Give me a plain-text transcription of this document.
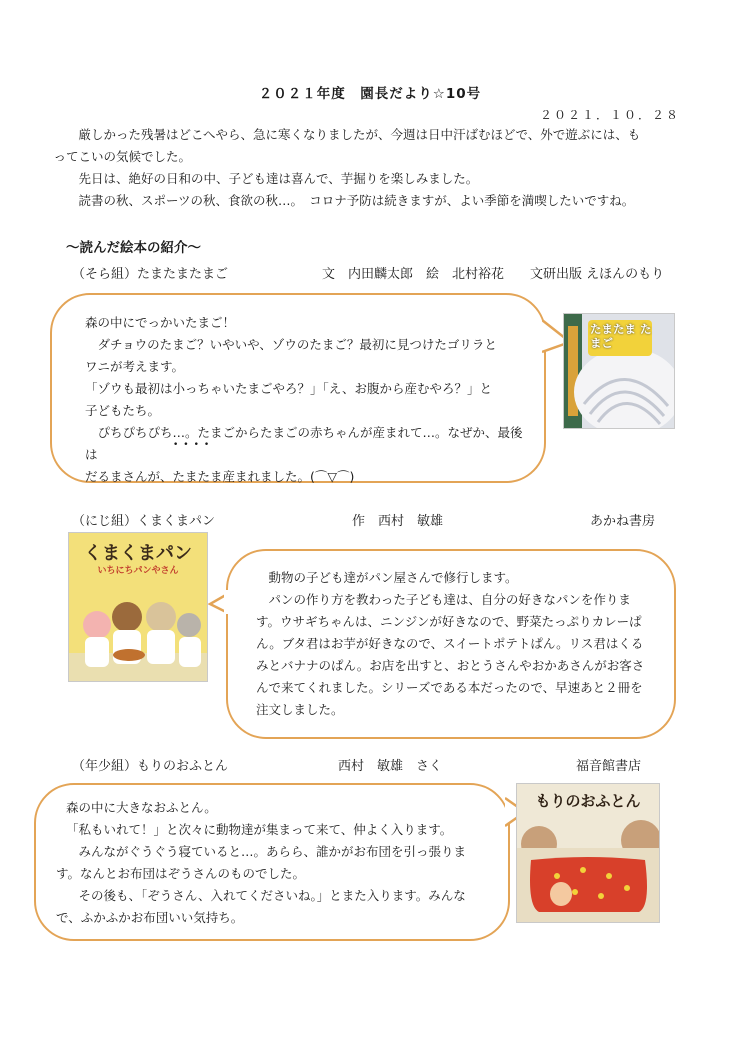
２０２１年度　園長だより☆10号
２０２１．１０．２８

厳しかった残暑はどこへやら、急に寒くなりましたが、今週は日中汗ばむほどで、外で遊ぶには、も

ってこいの気候でした。

先日は、絶好の日和の中、子ども達は喜んで、芋掘りを楽しみました。

読書の秋、スポーツの秋、食欲の秋…。　コロナ予防は続きますが、よい季節を満喫したいですね。

～読んだ絵本の紹介～
（そら組）たまたまたまご	文　内田麟太郎　絵　北村裕花 文研出版 えほんのもり

森の中にでっかいたまご！

ダチョウのたまご？いやいや、ゾウのたまご？最初に見つけたゴリラと

ワニが考えます。

「ゾウも最初は小っちゃいたまごやろ？」「え、お腹から産むやろ？」と

子どもたち。

ぴちぴちぴち…。たまごからたまごの赤ちゃんが産まれて…。なぜか、最後は

だるまさんが、たまたま産まれました。(⌒▽⌒)

••••
たまたま たまご
（にじ組）くまくまパン	作　西村　敏雄	あかね書房
くまくまパン
いちにちパンやさん	動物の子ども達がパン屋さんで修行します。

パンの作り方を教わった子ども達は、自分の好きなパンを作りま

す。ウサギちゃんは、ニンジンが好きなので、野菜たっぷりカレーぱ

ん。ブタ君はお芋が好きなので、スイートポテトぱん。リス君はくる

みとバナナのぱん。お店を出すと、おとうさんやおかあさんがお客さ

んで来てくれました。シリーズである本だったので、早速あと２冊を

注文しました。

（年少組）もりのおふとん	西村　敏雄　さく	福音館書店

森の中に大きなおふとん。

「私もいれて！」と次々に動物達が集まって来て、仲よく入ります。

みんながぐうぐう寝ていると…。あらら、誰かがお布団を引っ張りま

す。なんとお布団はぞうさんのものでした。

その後も、「ぞうさん、入れてくださいね。」とまた入ります。みんな

で、ふかふかお布団いい気持ち。

もりのおふとん
